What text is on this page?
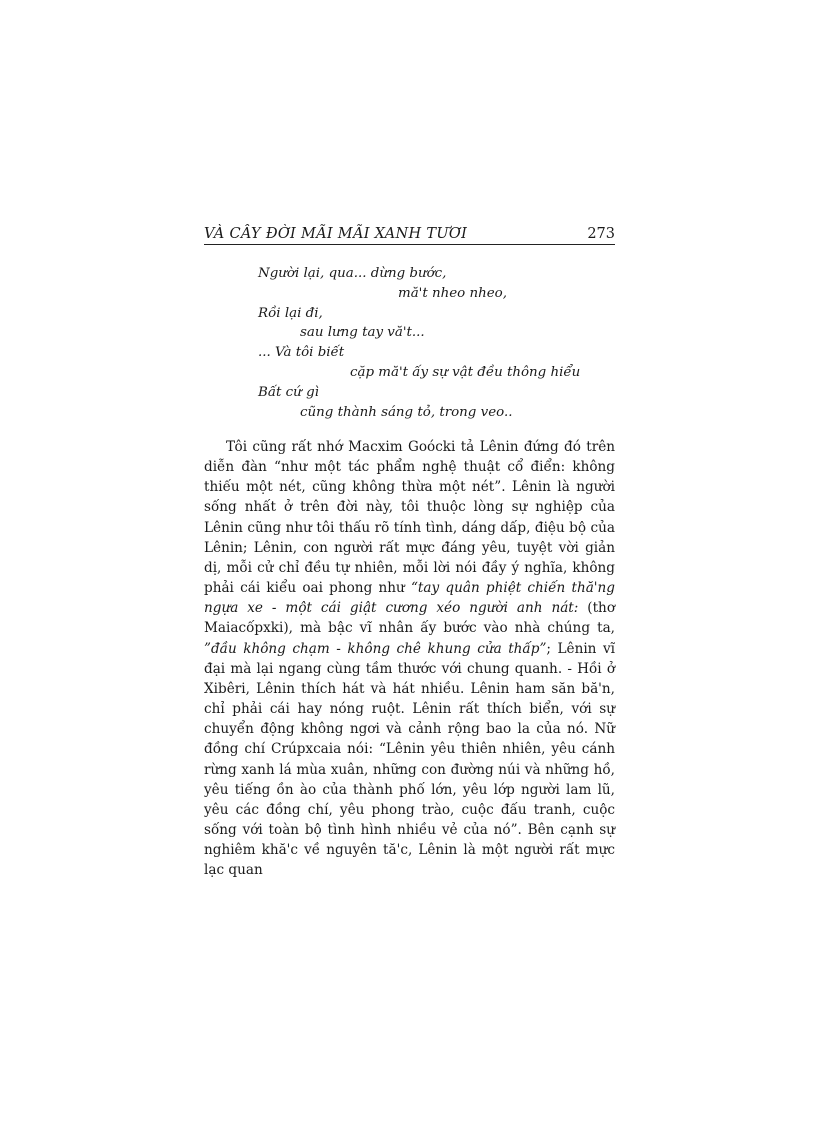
VÀ CÂY ĐỜI MÃI MÃI XANH TƯƠI	273
Người lại, qua... dừng bước,
mă't nheo nheo,
Rồi lại đi,
sau lưng tay vă't...
... Và tôi biết
cặp mă't ấy sự vật đều thông hiểu
Bất cứ gì
cũng thành sáng tỏ, trong veo..

Tôi cũng rất nhớ Macxim Goócki tả Lênin đứng đó trên diễn đàn “như một tác phẩm nghệ thuật cổ điển: không thiếu một nét, cũng không thừa một nét”. Lênin là người sống nhất ở trên đời này, tôi thuộc lòng sự nghiệp của Lênin cũng như tôi thấu rõ tính tình, dáng dấp, điệu bộ của Lênin; Lênin, con người rất mực đáng yêu, tuyệt vời giản dị, mỗi cử chỉ đều tự nhiên, mỗi lời nói đầy ý nghĩa, không phải cái kiểu oai phong như “tay quân phiệt chiến thă'ng ngựa xe - một cái giật cương xéo người anh nát: (thơ Maiacốpxki), mà bậc vĩ nhân ấy bước vào nhà chúng ta, ”đầu không chạm - không chê khung cửa thấp”; Lênin vĩ đại mà lại ngang cùng tầm thước với chung quanh. - Hồi ở Xibêri, Lênin thích hát và hát nhiều. Lênin ham săn bă'n, chỉ phải cái hay nóng ruột. Lênin rất thích biển, với sự chuyển động không ngơi và cảnh rộng bao la của nó. Nữ đồng chí Crúpxcaia nói: “Lênin yêu thiên nhiên, yêu cánh rừng xanh lá mùa xuân, những con đường núi và những hồ, yêu tiếng ồn ào của thành phố lớn, yêu lớp người lam lũ, yêu các đồng chí, yêu phong trào, cuộc đấu tranh, cuộc sống với toàn bộ tình hình nhiều vẻ của nó”. Bên cạnh sự nghiêm khă'c về nguyên tă'c, Lênin là một người rất mực lạc quan
